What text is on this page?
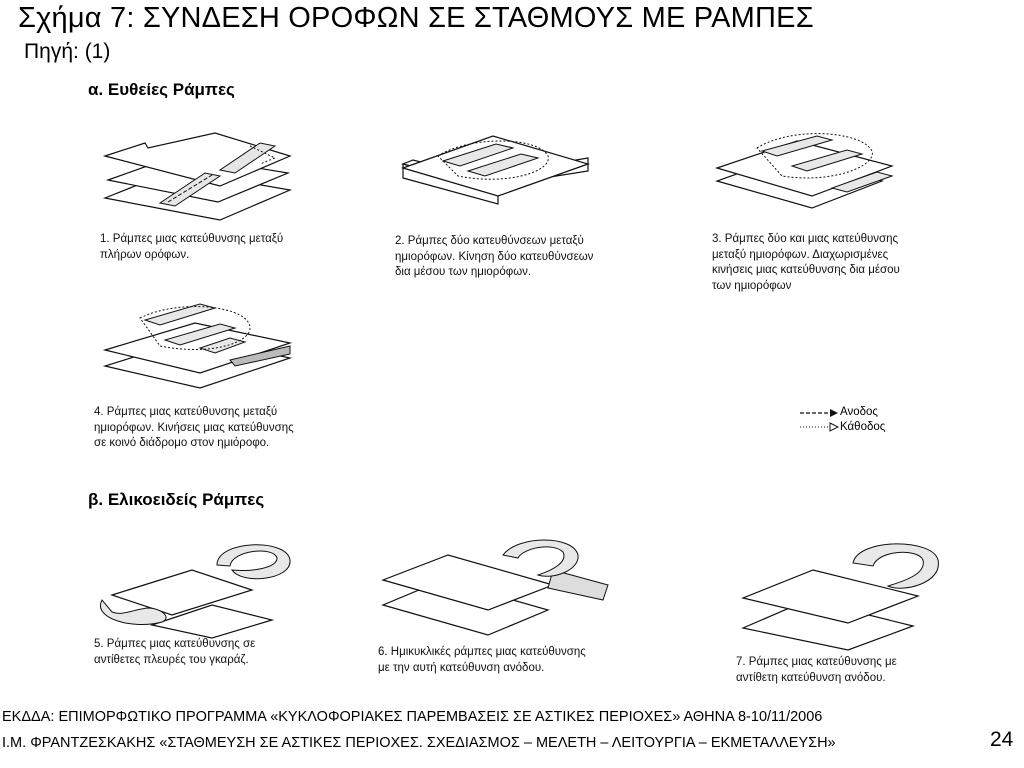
Σχήμα 7: ΣΥΝΔΕΣΗ ΟΡΟΦΩΝ ΣΕ ΣΤΑΘΜΟΥΣ ΜΕ ΡΑΜΠΕΣ
Πηγή: (1)
α. Ευθείες Ράμπες
1. Ράμπες μιας κατεύθυνσης μεταξύ
πλήρων ορόφων.
2. Ράμπες δύο κατευθύνσεων μεταξύ
ημιορόφων. Κίνηση δύο κατευθύνσεων
δια μέσου των ημιορόφων.
3. Ράμπες δύο και μιας κατεύθυνσης
μεταξύ ημιορόφων. Διαχωρισμένες
κινήσεις μιας κατεύθυνσης δια μέσου
των ημιορόφων
4. Ράμπες μιας κατεύθυνσης μεταξύ
ημιορόφων. Κινήσεις μιας κατεύθυνσης
σε κοινό διάδρομο στον ημιόροφο.
Ανοδος
Κάθοδος
β. Ελικοειδείς Ράμπες
5. Ράμπες μιας κατεύθυνσης σε
αντίθετες πλευρές του γκαράζ.
6. Ημικυκλικές ράμπες μιας κατεύθυνσης
με την αυτή κατεύθυνση ανόδου.	7. Ράμπες μιας κατεύθυνσης με
αντίθετη κατεύθυνση ανόδου.
ΕΚΔΔΑ: ΕΠΙΜΟΡΦΩΤΙΚΟ ΠΡΟΓΡΑΜΜΑ «ΚΥΚΛΟΦΟΡΙΑΚΕΣ ΠΑΡΕΜΒΑΣΕΙΣ ΣΕ ΑΣΤΙΚΕΣ ΠΕΡΙΟΧΕΣ» ΑΘΗΝΑ 8-10/11/2006
Ι.Μ. ΦΡΑΝΤΖΕΣΚΑΚΗΣ «ΣΤΑΘΜΕΥΣΗ ΣΕ ΑΣΤΙΚΕΣ ΠΕΡΙΟΧΕΣ. ΣΧΕΔΙΑΣΜΟΣ – ΜΕΛΕΤΗ – ΛΕΙΤΟΥΡΓΙΑ – ΕΚΜΕΤΑΛΛΕΥΣΗ»	24
